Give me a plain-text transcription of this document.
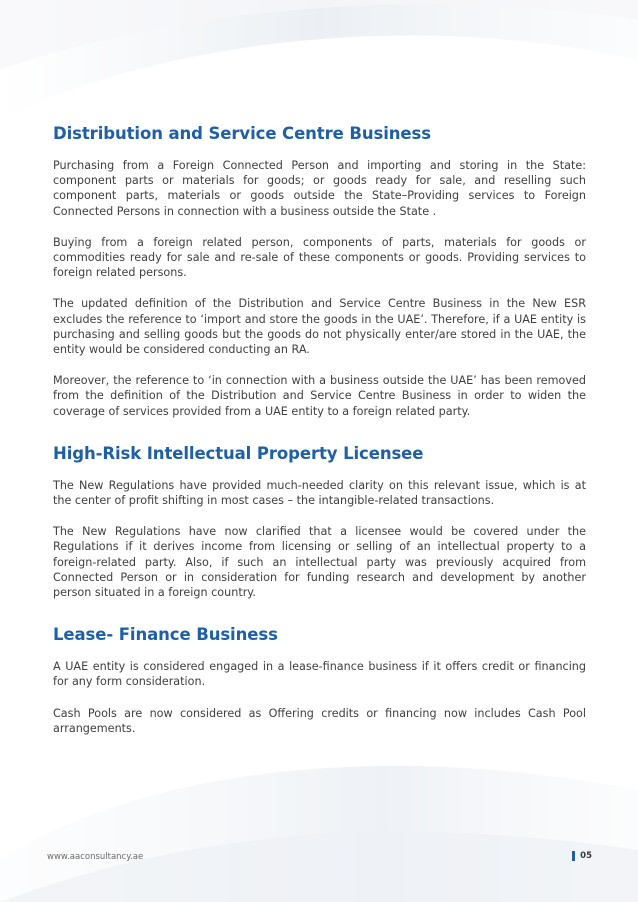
Distribution and Service Centre Business

Purchasing from a Foreign Connected Person and importing and storing in the State: component parts or materials for goods; or goods ready for sale, and reselling such component parts, materials or goods outside the State–Providing services to Foreign Connected Persons in connection with a business outside the State .

Buying from a foreign related person, components of parts, materials for goods or commodities ready for sale and re-sale of these components or goods. Providing services to foreign related persons.

The updated definition of the Distribution and Service Centre Business in the New ESR excludes the reference to ‘import and store the goods in the UAE’. Therefore, if a UAE entity is purchasing and selling goods but the goods do not physically enter/are stored in the UAE, the entity would be considered conducting an RA.

Moreover, the reference to ‘in connection with a business outside the UAE’ has been removed from the definition of the Distribution and Service Centre Business in order to widen the coverage of services provided from a UAE entity to a foreign related party.

High-Risk Intellectual Property Licensee

The New Regulations have provided much-needed clarity on this relevant issue, which is at the center of profit shifting in most cases – the intangible-related transactions.

The New Regulations have now clarified that a licensee would be covered under the Regulations if it derives income from licensing or selling of an intellectual property to a foreign-related party. Also, if such an intellectual party was previously acquired from Connected Person or in consideration for funding research and development by another person situated in a foreign country.

Lease- Finance Business

A UAE entity is considered engaged in a lease-finance business if it offers credit or financing for any form consideration.

Cash Pools are now considered as Offering credits or financing now includes Cash Pool arrangements.

www.aaconsultancy.ae	05
